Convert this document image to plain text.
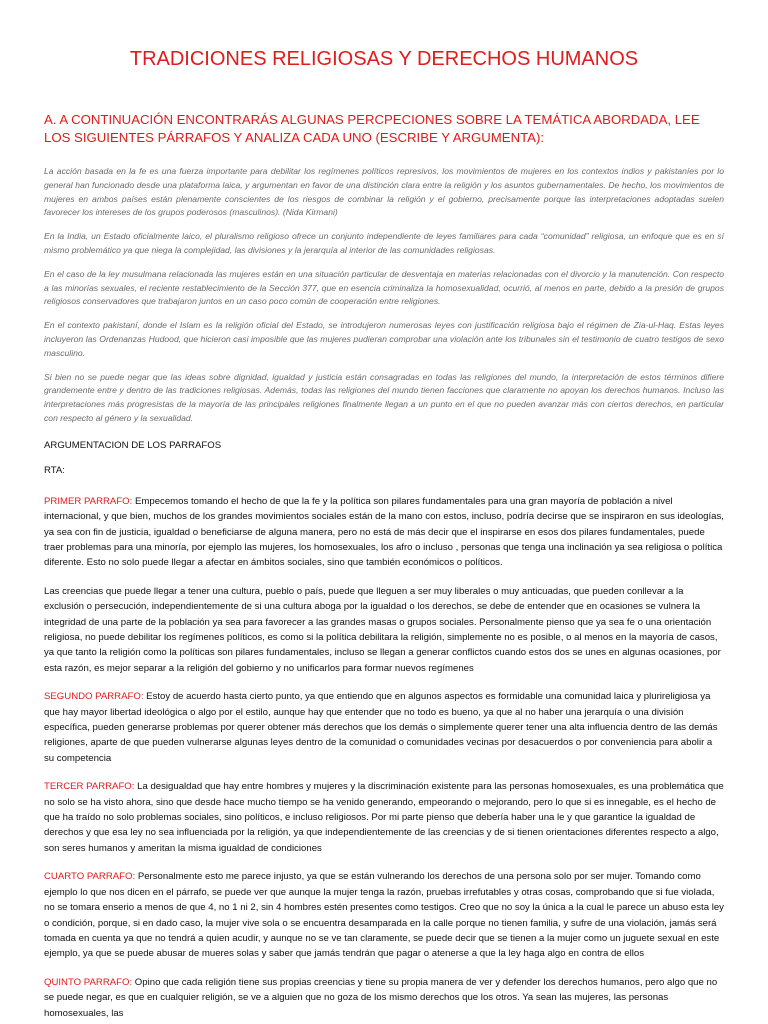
TRADICIONES RELIGIOSAS Y DERECHOS HUMANOS
A. A CONTINUACIÓN ENCONTRARÁS ALGUNAS PERCPECIONES SOBRE LA TEMÁTICA ABORDADA, LEE LOS SIGUIENTES PÁRRAFOS Y ANALIZA CADA UNO (ESCRIBE Y ARGUMENTA):

La acción basada en la fe es una fuerza importante para debilitar los regímenes políticos represivos, los movimientos de mujeres en los contextos indios y pakistaníes por lo general han funcionado desde una plataforma laica, y argumentan en favor de una distinción clara entre la religión y los asuntos gubernamentales. De hecho, los movimientos de mujeres en ambos países están plenamente conscientes de los riesgos de combinar la religión y el gobierno, precisamente porque las interpretaciones adoptadas suelen favorecer los intereses de los grupos poderosos (masculinos). (Nida Kirmani)

En la India, un Estado oficialmente laico, el pluralismo religioso ofrece un conjunto independiente de leyes familiares para cada “comunidad” religiosa, un enfoque que es en sí mismo problemático ya que niega la complejidad, las divisiones y la jerarquía al interior de las comunidades religiosas.

En el caso de la ley musulmana relacionada las mujeres están en una situación particular de desventaja en materias relacionadas con el divorcio y la manutención. Con respecto a las minorías sexuales, el reciente restablecimiento de la Sección 377, que en esencia criminaliza la homosexualidad, ocurrió, al menos en parte, debido a la presión de grupos religiosos conservadores que trabajaron juntos en un caso poco común de cooperación entre religiones.

En el contexto pakistaní, donde el Islam es la religión oficial del Estado, se introdujeron numerosas leyes con justificación religiosa bajo el régimen de Zia-ul-Haq. Estas leyes incluyeron las Ordenanzas Hudood, que hicieron casi imposible que las mujeres pudieran comprobar una violación ante los tribunales sin el testimonio de cuatro testigos de sexo masculino.

Si bien no se puede negar que las ideas sobre dignidad, igualdad y justicia están consagradas en todas las religiones del mundo, la interpretación de estos términos difiere grandemente entre y dentro de las tradiciones religiosas. Además, todas las religiones del mundo tienen facciones que claramente no apoyan los derechos humanos. Incluso las interpretaciones más progresistas de la mayoría de las principales religiones finalmente llegan a un punto en el que no pueden avanzar más con ciertos derechos, en particular con respecto al género y la sexualidad.

ARGUMENTACION DE LOS PARRAFOS
RTA:

PRIMER PARRAFO: Empecemos tomando el hecho de que la fe y la política son pilares fundamentales para una gran mayoría de población a nivel internacional, y que bien, muchos de los grandes movimientos sociales están de la mano con estos, incluso, podría decirse que se inspiraron en sus ideologías, ya sea con fin de justicia, igualdad o beneficiarse de alguna manera, pero no está de más decir que el inspirarse en esos dos pilares fundamentales, puede traer problemas para una minoría, por ejemplo las mujeres, los homosexuales, los afro o incluso , personas que tenga una inclinación ya sea religiosa o política diferente. Esto no solo puede llegar a afectar en ámbitos sociales, sino que también económicos o políticos.

Las creencias que puede llegar a tener una cultura, pueblo o país, puede que lleguen a ser muy liberales o muy anticuadas, que pueden conllevar a la exclusión o persecución, independientemente de si una cultura aboga por la igualdad o los derechos, se debe de entender que en ocasiones se vulnera la integridad de una parte de la población ya sea para favorecer a las grandes masas o grupos sociales. Personalmente pienso que ya sea fe o una orientación religiosa, no puede debilitar los regímenes políticos, es como si la política debilitara la religión, simplemente no es posible, o al menos en la mayoría de casos, ya que tanto la religión como la políticas son pilares fundamentales, incluso se llegan a generar conflictos cuando estos dos se unes en algunas ocasiones, por esta razón, es mejor separar a la religión del gobierno y no unificarlos para formar nuevos regímenes

SEGUNDO PARRAFO: Estoy de acuerdo hasta cierto punto, ya que entiendo que en algunos aspectos es formidable una comunidad laica y plurireligiosa ya que hay mayor libertad ideológica o algo por el estilo, aunque hay que entender que no todo es bueno, ya que al no haber una jerarquía o una división específica, pueden generarse problemas por querer obtener más derechos que los demás o simplemente querer tener una alta influencia dentro de las demás religiones, aparte de que pueden vulnerarse algunas leyes dentro de la comunidad o comunidades vecinas por desacuerdos o por conveniencia para abolir a su competencia

TERCER PARRAFO: La desigualdad que hay entre hombres y mujeres y la discriminación existente para las personas homosexuales, es una problemática que no solo se ha visto ahora, sino que desde hace mucho tiempo se ha venido generando, empeorando o mejorando, pero lo que si es innegable, es el hecho de que ha traído no solo problemas sociales, sino políticos, e incluso religiosos. Por mi parte pienso que debería haber una le y que garantice la igualdad de derechos y que esa ley no sea influenciada por la religión, ya que independientemente de las creencias y de si tienen orientaciones diferentes respecto a algo, son seres humanos y ameritan la misma igualdad de condiciones

CUARTO PARRAFO: Personalmente esto me parece injusto, ya que se están vulnerando los derechos de una persona solo por ser mujer. Tomando como ejemplo lo que nos dicen en el párrafo, se puede ver que aunque la mujer tenga la razón, pruebas irrefutables y otras cosas, comprobando que si fue violada, no se tomara enserio a menos de que 4, no 1 ni 2, sin 4 hombres estén presentes como testigos. Creo que no soy la única a la cual le parece un abuso esta ley o condición, porque, si en dado caso, la mujer vive sola o se encuentra desamparada en la calle porque no tienen familia, y sufre de una violación, jamás será tomada en cuenta ya que no tendrá a quien acudir, y aunque no se ve tan claramente, se puede decir que se tienen a la mujer como un juguete sexual en este ejemplo, ya que se puede abusar de mueres solas y saber que jamás tendrán que pagar o atenerse a que la ley haga algo en contra de ellos

QUINTO PARRAFO: Opino que cada religión tiene sus propias creencias y tiene su propia manera de ver y defender los derechos humanos, pero algo que no se puede negar, es que en cualquier religión, se ve a alguien que no goza de los mismo derechos que los otros. Ya sean las mujeres, las personas homosexuales, las
